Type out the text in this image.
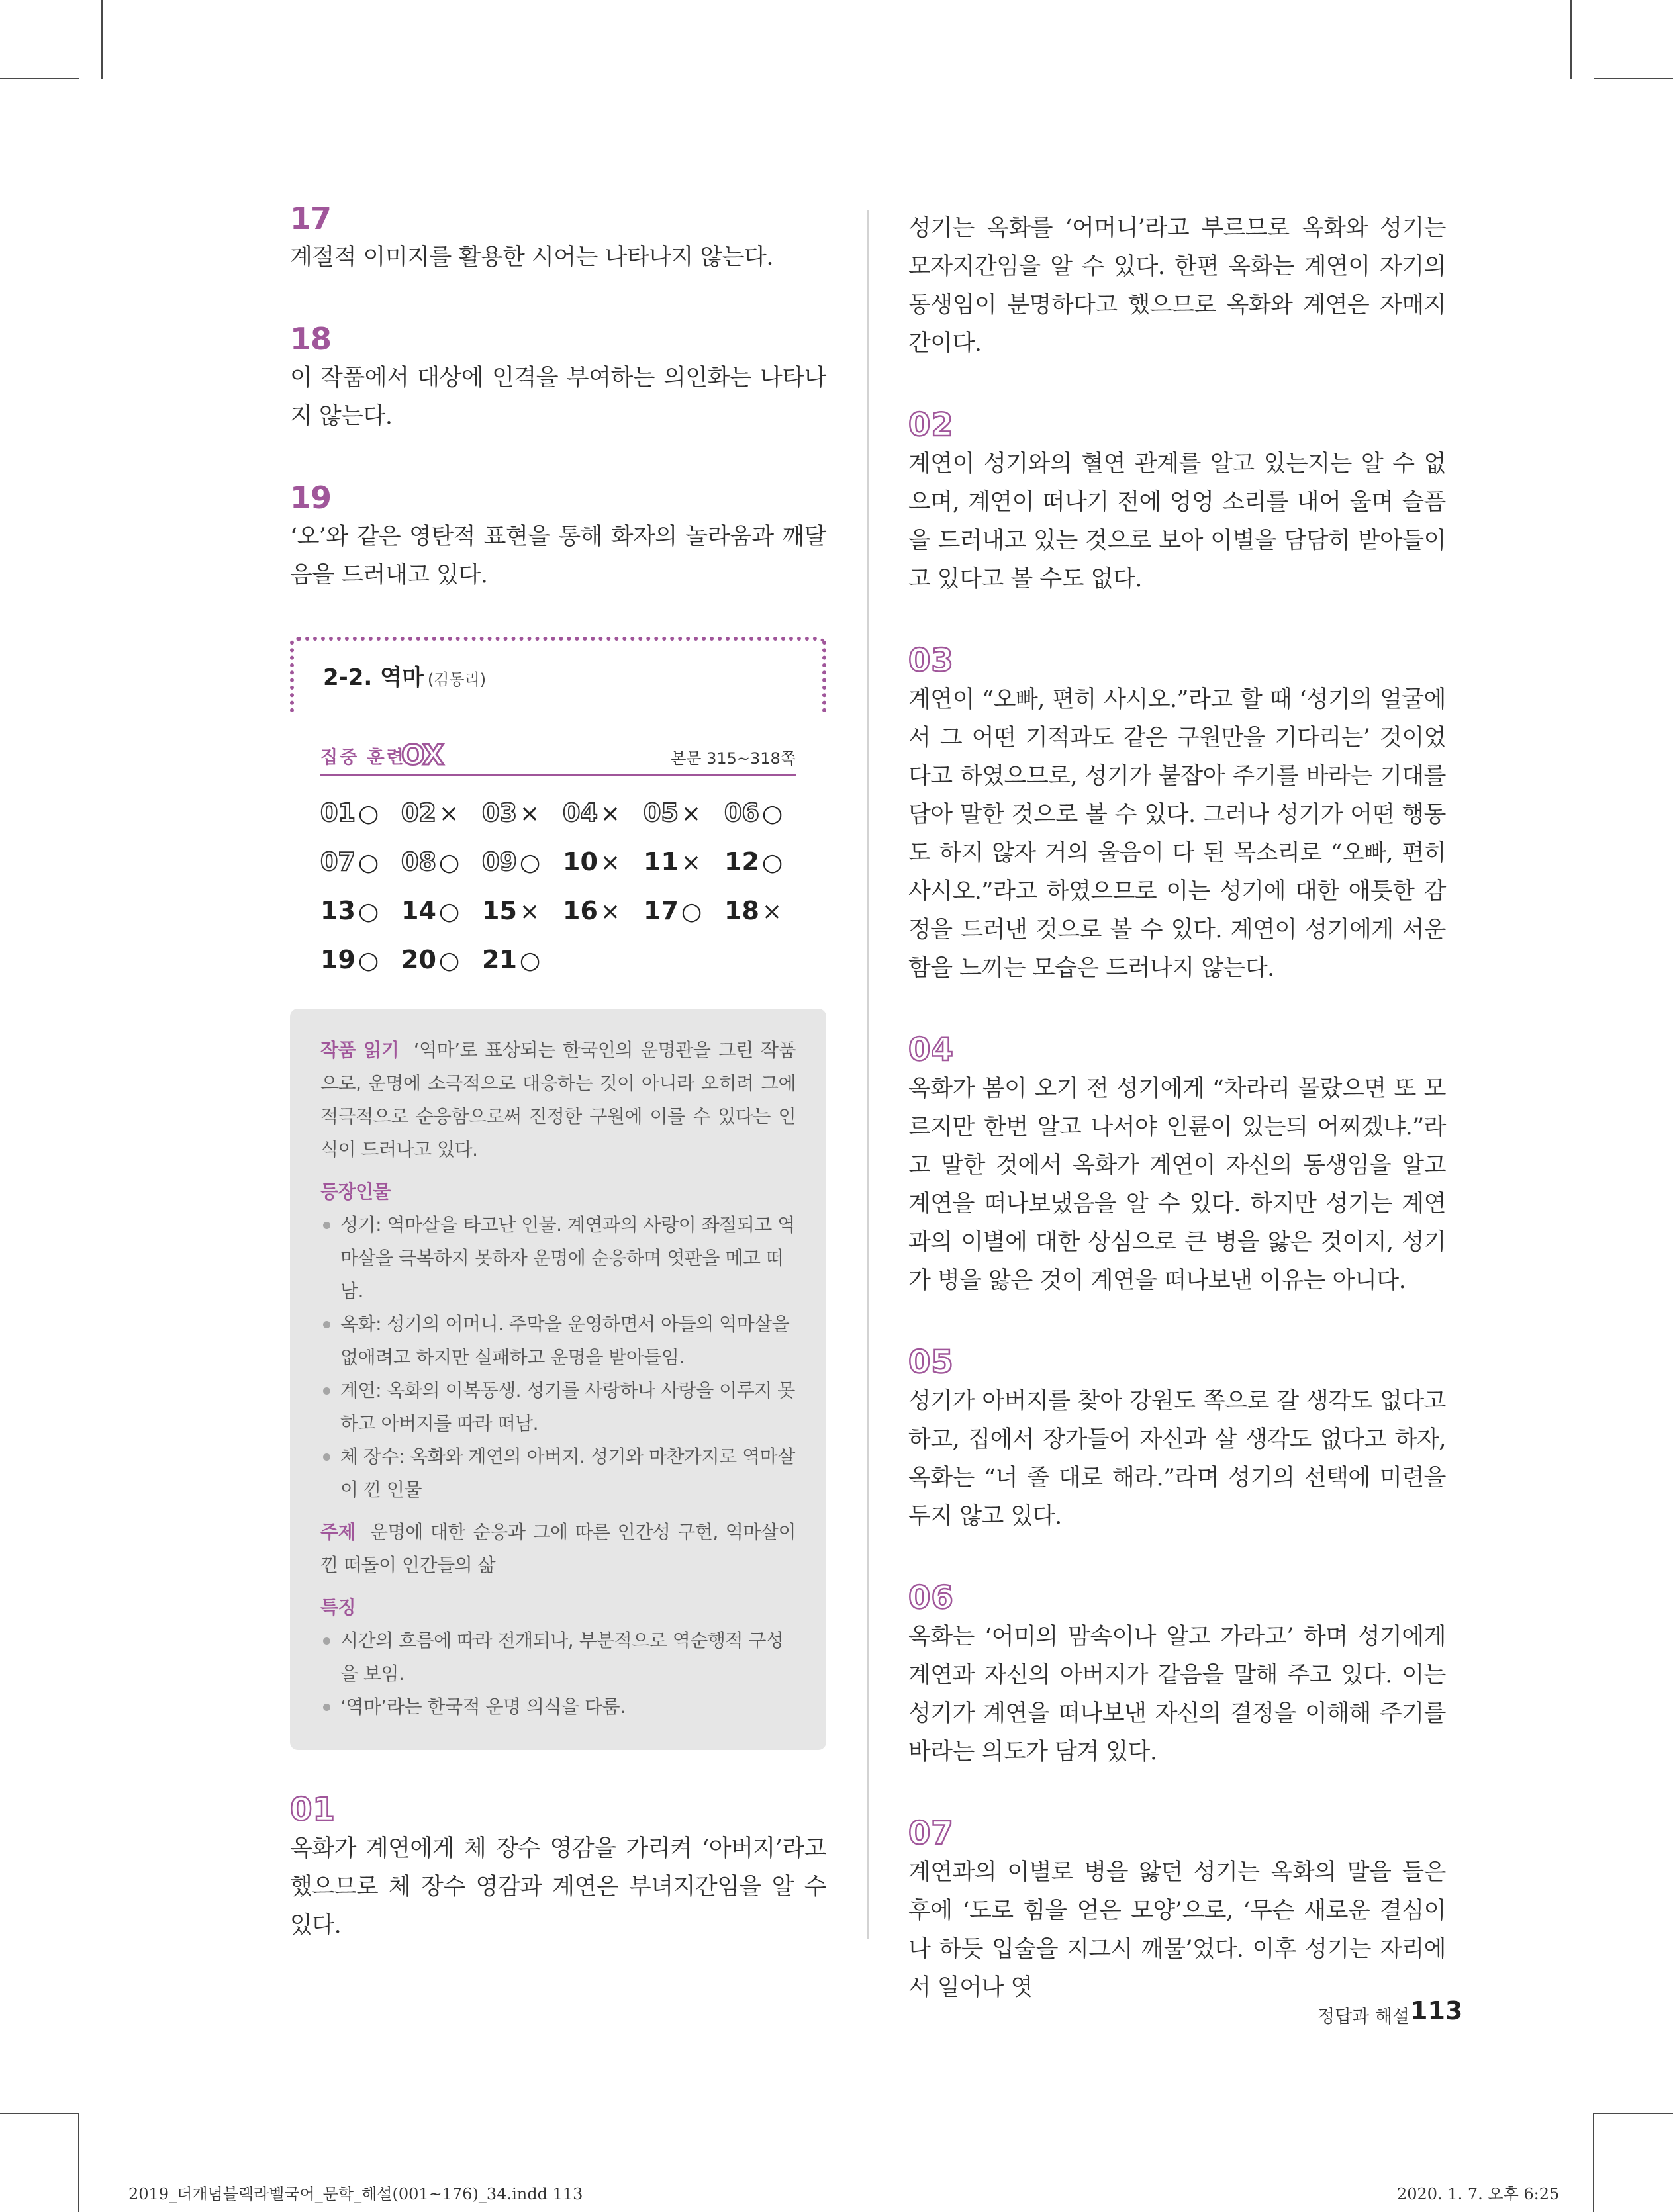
17
계절적 이미지를 활용한 시어는 나타나지 않는다.
18
이 작품에서 대상에 인격을 부여하는 의인화는 나타나지 않는다.
19
‘오’와 같은 영탄적 표현을 통해 화자의 놀라움과 깨달음을 드러내고 있다.
2-2. 역마 (김동리)
집중 훈련
OX	본문 315~318쪽
01 ○ 02 × 03 × 04 × 05 × 06 ○
07 ○ 08 ○ 09 ○ 10 × 11 × 12 ○
13 ○ 14 ○ 15 × 16 × 17 ○ 18 ×
19 ○ 20 ○ 21 ○
작품 읽기 ‘역마’로 표상되는 한국인의 운명관을 그린 작품으로, 운명에 소극적으로 대응하는 것이 아니라 오히려 그에 적극적으로 순응함으로써 진정한 구원에 이를 수 있다는 인식이 드러나고 있다.
등장인물
성기: 역마살을 타고난 인물. 계연과의 사랑이 좌절되고 역마살을 극복하지 못하자 운명에 순응하며 엿판을 메고 떠남.
옥화: 성기의 어머니. 주막을 운영하면서 아들의 역마살을 없애려고 하지만 실패하고 운명을 받아들임.
계연: 옥화의 이복동생. 성기를 사랑하나 사랑을 이루지 못하고 아버지를 따라 떠남.
체 장수: 옥화와 계연의 아버지. 성기와 마찬가지로 역마살이 낀 인물
주제 운명에 대한 순응과 그에 따른 인간성 구현, 역마살이 낀 떠돌이 인간들의 삶
특징
시간의 흐름에 따라 전개되나, 부분적으로 역순행적 구성을 보임.
‘역마’라는 한국적 운명 의식을 다룸.
01
옥화가 계연에게 체 장수 영감을 가리켜 ‘아버지’라고 했으므로 체 장수 영감과 계연은 부녀지간임을 알 수 있다.
성기는 옥화를 ‘어머니’라고 부르므로 옥화와 성기는 모자지간임을 알 수 있다. 한편 옥화는 계연이 자기의 동생임이 분명하다고 했으므로 옥화와 계연은 자매지간이다.
02
계연이 성기와의 혈연 관계를 알고 있는지는 알 수 없으며, 계연이 떠나기 전에 엉엉 소리를 내어 울며 슬픔을 드러내고 있는 것으로 보아 이별을 담담히 받아들이고 있다고 볼 수도 없다.
03
계연이 “오빠, 편히 사시오.”라고 할 때 ‘성기의 얼굴에서 그 어떤 기적과도 같은 구원만을 기다리는’ 것이었다고 하였으므로, 성기가 붙잡아 주기를 바라는 기대를 담아 말한 것으로 볼 수 있다. 그러나 성기가 어떤 행동도 하지 않자 거의 울음이 다 된 목소리로 “오빠, 편히 사시오.”라고 하였으므로 이는 성기에 대한 애틋한 감정을 드러낸 것으로 볼 수 있다. 계연이 성기에게 서운함을 느끼는 모습은 드러나지 않는다.
04
옥화가 봄이 오기 전 성기에게 “차라리 몰랐으면 또 모르지만 한번 알고 나서야 인륜이 있는듸 어찌겠냐.”라고 말한 것에서 옥화가 계연이 자신의 동생임을 알고 계연을 떠나보냈음을 알 수 있다. 하지만 성기는 계연과의 이별에 대한 상심으로 큰 병을 앓은 것이지, 성기가 병을 앓은 것이 계연을 떠나보낸 이유는 아니다.
05
성기가 아버지를 찾아 강원도 쪽으로 갈 생각도 없다고 하고, 집에서 장가들어 자신과 살 생각도 없다고 하자, 옥화는 “너 졸 대로 해라.”라며 성기의 선택에 미련을 두지 않고 있다.
06
옥화는 ‘어미의 맘속이나 알고 가라고’ 하며 성기에게 계연과 자신의 아버지가 같음을 말해 주고 있다. 이는 성기가 계연을 떠나보낸 자신의 결정을 이해해 주기를 바라는 의도가 담겨 있다.
07
계연과의 이별로 병을 앓던 성기는 옥화의 말을 들은 후에 ‘도로 힘을 얻은 모양’으로, ‘무슨 새로운 결심이나 하듯 입술을 지그시 깨물’었다. 이후 성기는 자리에서 일어나 엿
정답과 해설 113
2019_더개념블랙라벨국어_문학_해설(001~176)_34.indd 113	2020. 1. 7. 오후 6:25
